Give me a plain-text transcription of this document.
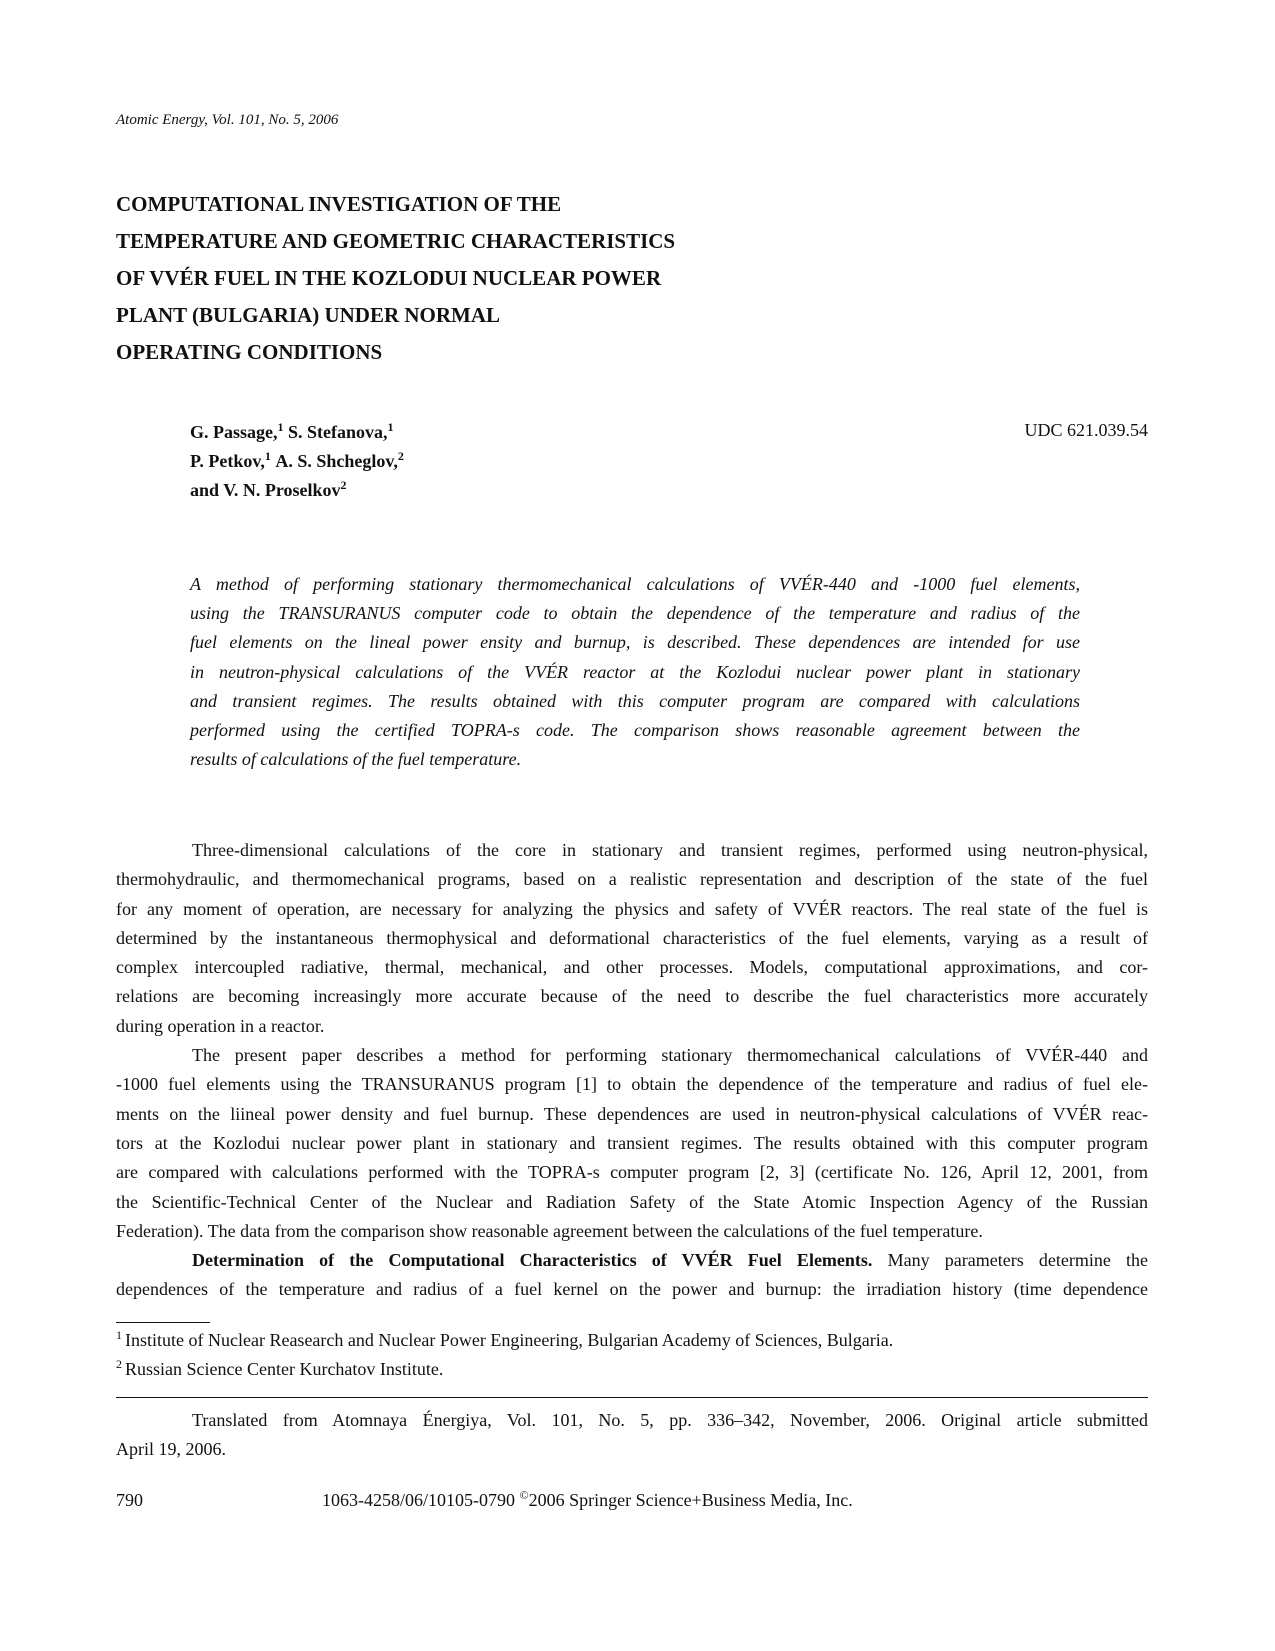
Atomic Energy, Vol. 101, No. 5, 2006
COMPUTATIONAL INVESTIGATION OF THE
TEMPERATURE AND GEOMETRIC CHARACTERISTICS
OF VVÉR FUEL IN THE KOZLODUI NUCLEAR POWER
PLANT (BULGARIA) UNDER NORMAL
OPERATING CONDITIONS
G. Passage,$^1$ S. Stefanova,$^1$
P. Petkov,$^1$ A. S. Shcheglov,$^2$
and V. N. Proselkov$^2$
UDC 621.039.54
A method of performing stationary thermomechanical calculations of VVÉR-440 and -1000 fuel elements,
using the TRANSURANUS computer code to obtain the dependence of the temperature and radius of the
fuel elements on the lineal power ensity and burnup, is described. These dependences are intended for use
in neutron-physical calculations of the VVÉR reactor at the Kozlodui nuclear power plant in stationary
and transient regimes. The results obtained with this computer program are compared with calculations
performed using the certified TOPRA-s code. The comparison shows reasonable agreement between the
results of calculations of the fuel temperature.
Three-dimensional calculations of the core in stationary and transient regimes, performed using neutron-physical,
thermohydraulic, and thermomechanical programs, based on a realistic representation and description of the state of the fuel
for any moment of operation, are necessary for analyzing the physics and safety of VVÉR reactors. The real state of the fuel is
determined by the instantaneous thermophysical and deformational characteristics of the fuel elements, varying as a result of
complex intercoupled radiative, thermal, mechanical, and other processes. Models, computational approximations, and cor-
relations are becoming increasingly more accurate because of the need to describe the fuel characteristics more accurately
during operation in a reactor.
The present paper describes a method for performing stationary thermomechanical calculations of VVÉR-440 and
-1000 fuel elements using the TRANSURANUS program [1] to obtain the dependence of the temperature and radius of fuel ele-
ments on the liineal power density and fuel burnup. These dependences are used in neutron-physical calculations of VVÉR reac-
tors at the Kozlodui nuclear power plant in stationary and transient regimes. The results obtained with this computer program
are compared with calculations performed with the TOPRA-s computer program [2, 3] (certificate No. 126, April 12, 2001, from
the Scientific-Technical Center of the Nuclear and Radiation Safety of the State Atomic Inspection Agency of the Russian
Federation). The data from the comparison show reasonable agreement between the calculations of the fuel temperature.
Determination of the Computational Characteristics of VVÉR Fuel Elements. Many parameters determine the
dependences of the temperature and radius of a fuel kernel on the power and burnup: the irradiation history (time dependence
$^1$ Institute of Nuclear Reasearch and Nuclear Power Engineering, Bulgarian Academy of Sciences, Bulgaria.
$^2$ Russian Science Center Kurchatov Institute.
Translated from Atomnaya Énergiya, Vol. 101, No. 5, pp. 336–342, November, 2006. Original article submitted
April 19, 2006.
790	1063-4258/06/10105-0790 ©2006 Springer Science+Business Media, Inc.
